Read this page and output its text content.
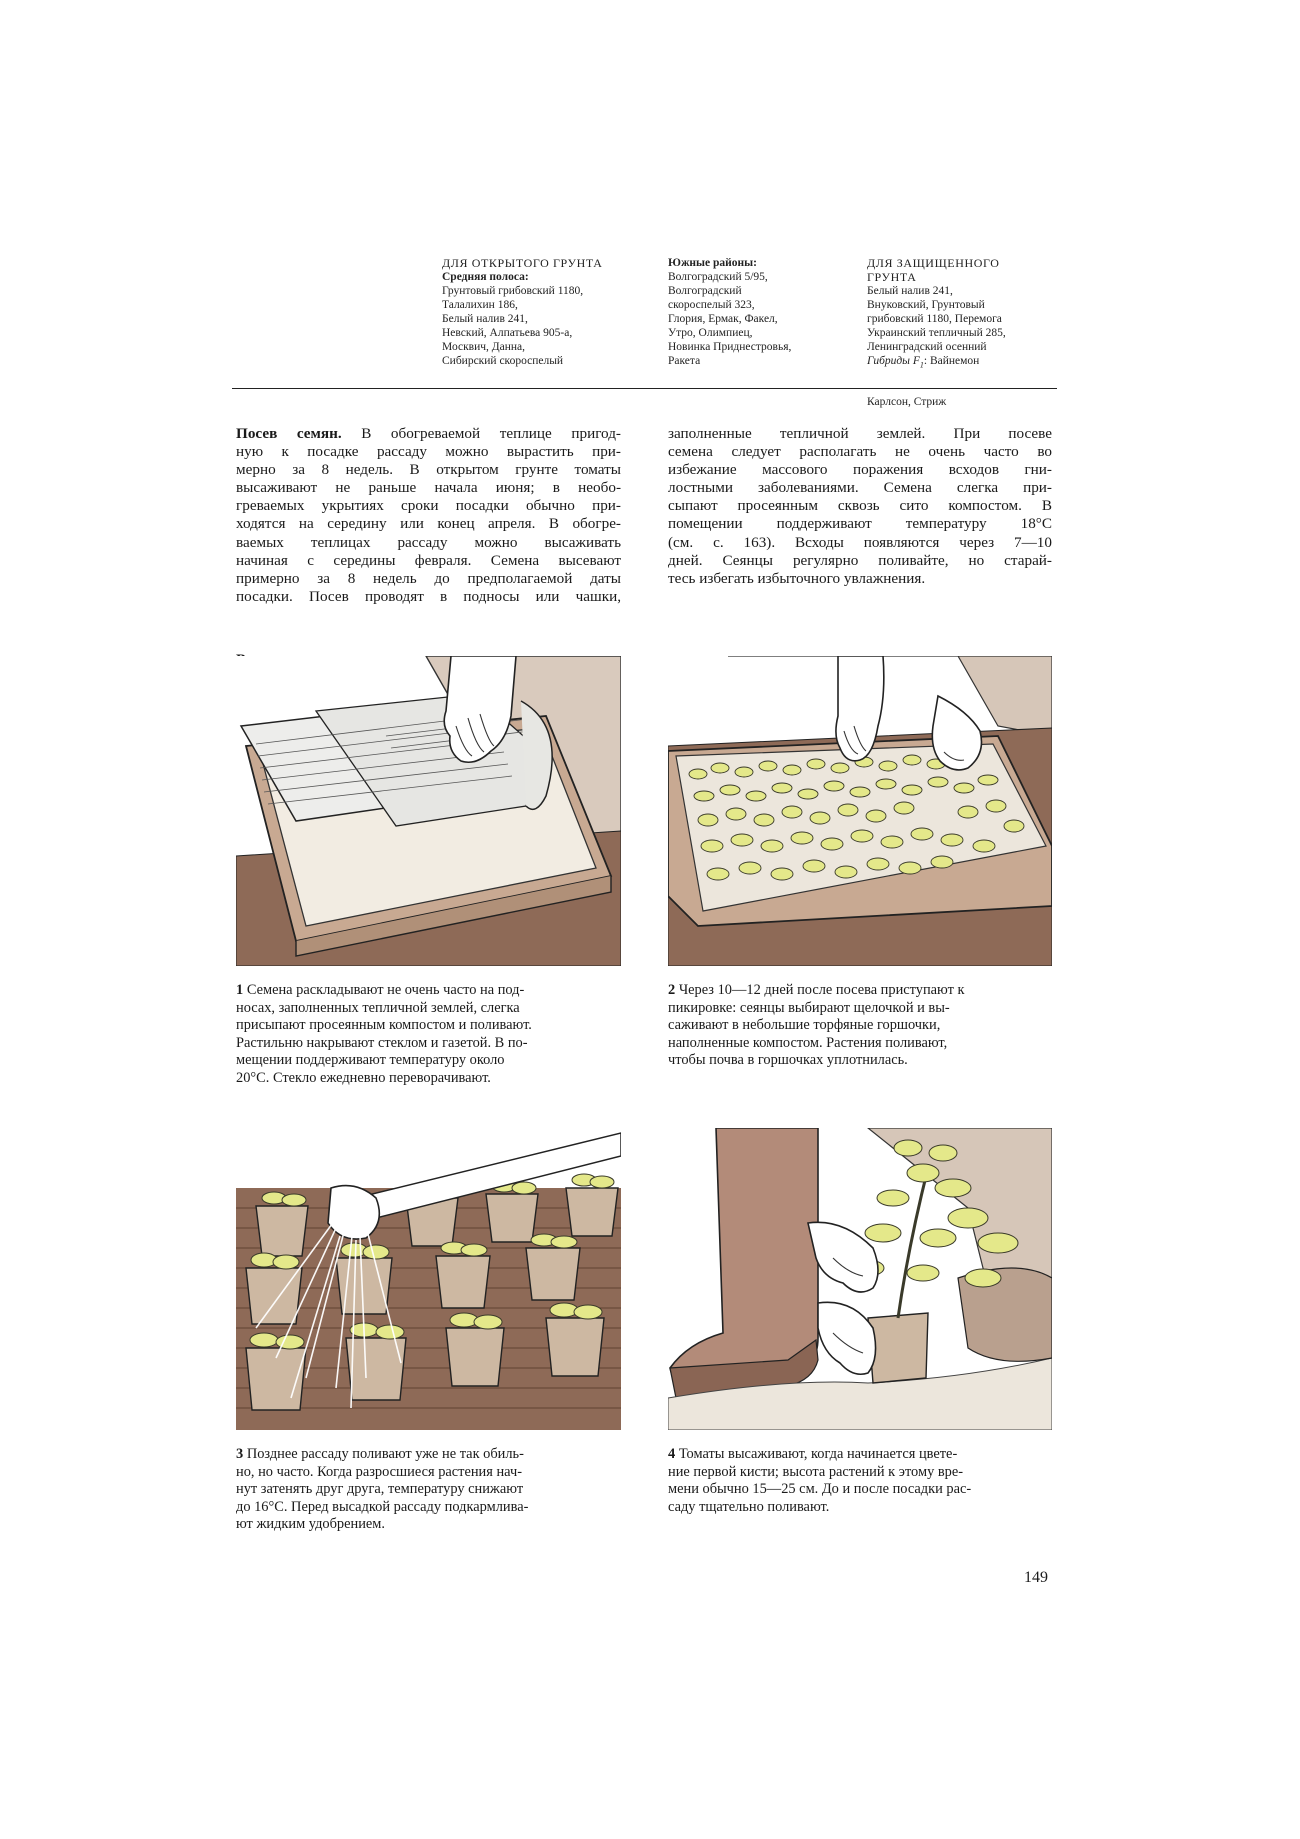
ДЛЯ ОТКРЫТОГО ГРУНТА
Средняя полоса:
Грунтовый грибовский 1180,
Талалихин 186,
Белый налив 241,
Невский, Алпатьева 905-а,
Москвич, Данна,
Сибирский скороспелый
Южные районы:
Волгоградский 5/95,
Волгоградский
скороспелый 323,
Глория, Ермак, Факел,
Утро, Олимпиец,
Новинка Приднестровья,
Ракета
ДЛЯ ЗАЩИЩЕННОГО
ГРУНТА
Белый налив 241,
Внуковский, Грунтовый
грибовский 1180, Перемога
Украинский тепличный 285,
Ленинградский осенний
Гибриды $F_1$: Вайнемон
Карлсон, Стриж
Посев семян. В обогреваемой теплице пригод-
ную к посадке рассаду можно вырастить при-
мерно за 8 недель. В открытом грунте томаты
высаживают не раньше начала июня; в необо-
греваемых укрытиях сроки посадки обычно при-
ходятся на середину или конец апреля. В обогре-
ваемых теплицах рассаду можно высаживать
начиная с середины февраля. Семена высевают
примерно за 8 недель до предполагаемой даты
посадки. Посев проводят в подносы или чашки,
заполненные тепличной землей. При посеве
семена следует располагать не очень часто во
избежание массового поражения всходов гни-
лостными заболеваниями. Семена слегка при-
сыпают просеянным сквозь сито компостом. В
помещении поддерживают температуру 18°С
(см. с. 163). Всходы появляются через 7—10
дней. Сеянцы регулярно поливайте, но старай-
тесь избегать избыточного увлажнения.
1 Семена раскладывают не очень часто на под-
носах, заполненных тепличной землей, слегка
присыпают просеянным компостом и поливают.
Растильню накрывают стеклом и газетой. В по-
мещении поддерживают температуру около
20°С. Стекло ежедневно переворачивают.
2 Через 10—12 дней после посева приступают к
пикировке: сеянцы выбирают щелочкой и вы-
саживают в небольшие торфяные горшочки,
наполненные компостом. Растения поливают,
чтобы почва в горшочках уплотнилась.
3 Позднее рассаду поливают уже не так обиль-
но, но часто. Когда разросшиеся растения нач-
нут затенять друг друга, температуру снижают
до 16°С. Перед высадкой рассаду подкармлива-
ют жидким удобрением.
4 Томаты высаживают, когда начинается цвете-
ние первой кисти; высота растений к этому вре-
мени обычно 15—25 см. До и после посадки рас-
саду тщательно поливают.
149
